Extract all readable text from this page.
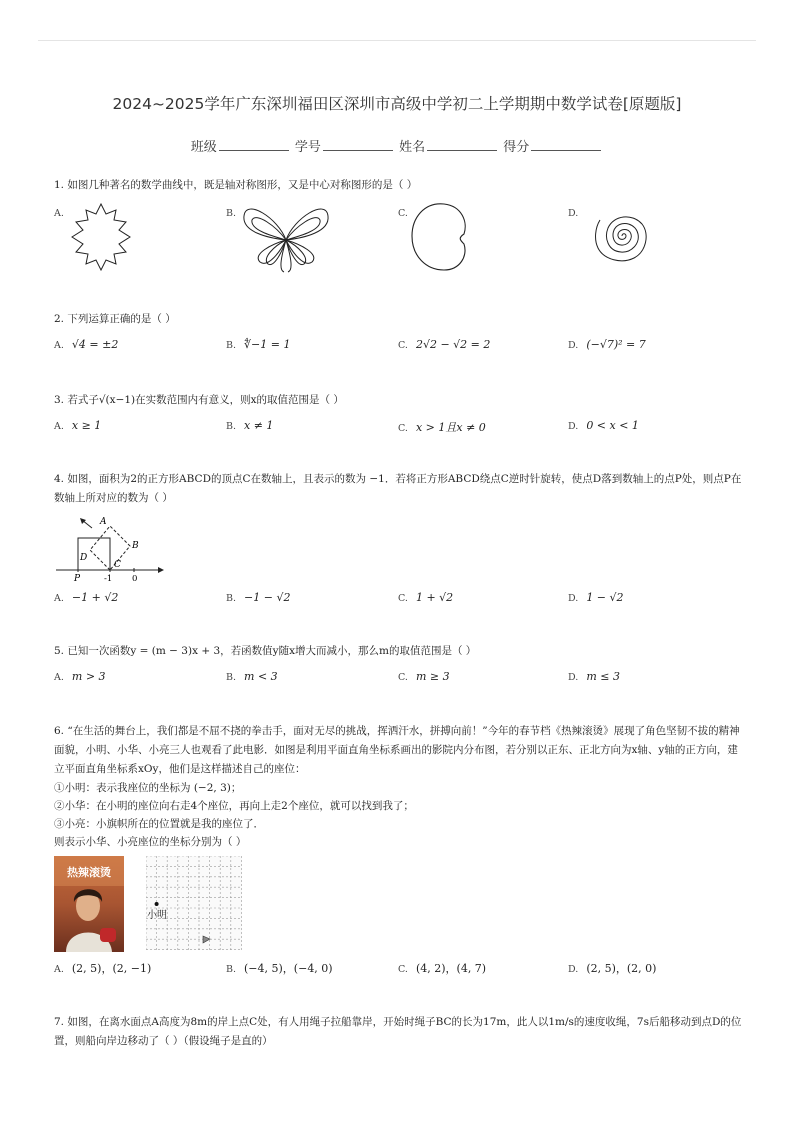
2024~2025学年广东深圳福田区深圳市高级中学初二上学期期中数学试卷[原题版]
班级	学号	姓名	得分
1. 如图几种著名的数学曲线中，既是轴对称图形，又是中心对称图形的是（ ）
A.	B.	C.	D.
2. 下列运算正确的是（ ）
A. √4 = ±2	B. ∜−1 = 1	C. 2√2 − √2 = 2	D. (−√7)² = 7
3. 若式子√(x−1)在实数范围内有意义，则x的取值范围是（ ）
A. x ≥ 1	B. x ≠ 1	C. x > 1且x ≠ 0	D. 0 < x < 1
4. 如图，面积为2的正方形ABCD的顶点C在数轴上，且表示的数为 −1．若将正方形ABCD绕点C逆时针旋转，使点D落到数轴上的点P处，则点P在数轴上所对应的数为（ ）
A
B
C
D
P	-1 0
A. −1 + √2	B. −1 − √2	C. 1 + √2	D. 1 − √2
5. 已知一次函数y = (m − 3)x + 3，若函数值y随x增大而减小，那么m的取值范围是（ ）
A. m > 3	B. m < 3	C. m ≥ 3	D. m ≤ 3
6. “在生活的舞台上，我们都是不屈不挠的拳击手，面对无尽的挑战，挥洒汗水，拼搏向前！”今年的春节档《热辣滚烫》展现了角色坚韧不拔的精神面貌，小明、小华、小亮三人也观看了此电影．如图是利用平面直角坐标系画出的影院内分布图，若分别以正东、正北方向为x轴、y轴的正方向，建立平面直角坐标系xOy，他们是这样描述自己的座位：
①小明：表示我座位的坐标为 (−2, 3)；
②小华：在小明的座位向右走4个座位，再向上走2个座位，就可以找到我了；
③小亮：小旗帜所在的位置就是我的座位了．
则表示小华、小亮座位的坐标分别为（ ）
热辣滚烫
小明
A. (2, 5)，(2, −1)	B. (−4, 5)，(−4, 0)	C. (4, 2)，(4, 7)	D. (2, 5)，(2, 0)
7. 如图，在离水面点A高度为8m的岸上点C处，有人用绳子拉船靠岸，开始时绳子BC的长为17m，此人以1m/s的速度收绳，7s后船移动到点D的位置，则船向岸边移动了（ ）（假设绳子是直的）
